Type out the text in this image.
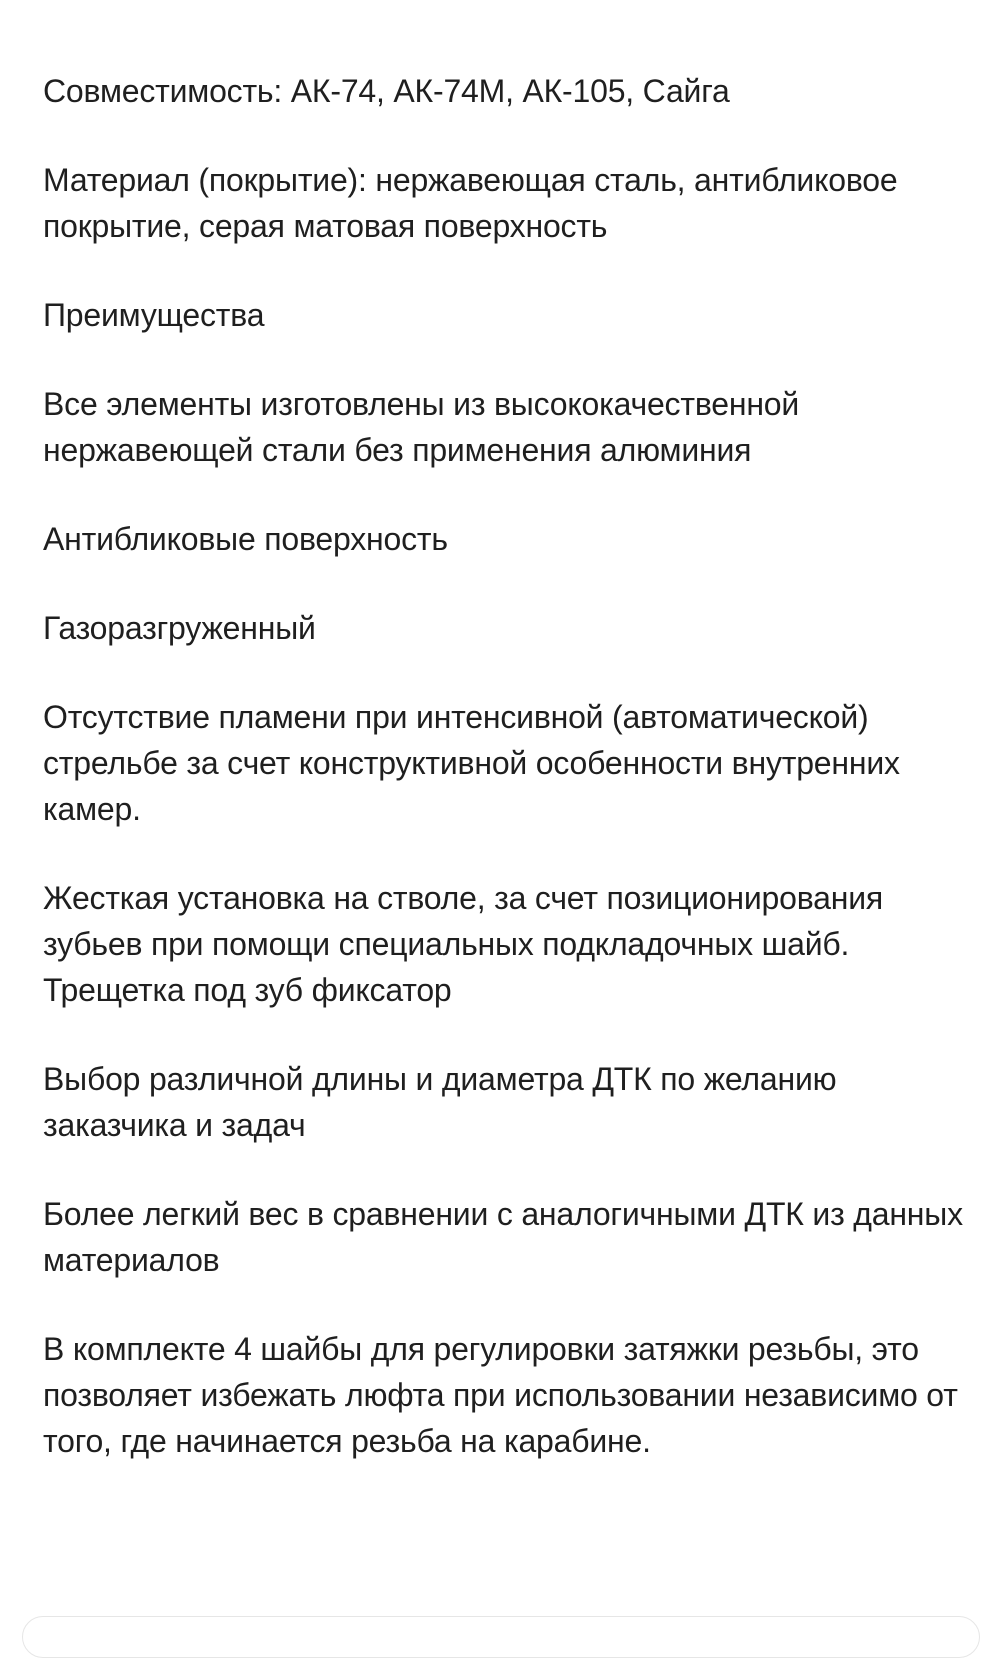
Совместимость: АК-74, АК-74М, АК-105, Сайга

Материал (покрытие): нержавеющая сталь, антибликовое покрытие, серая матовая поверхность

Преимущества

Все элементы изготовлены из высококачественной нержавеющей стали без применения алюминия

Антибликовые поверхность

Газоразгруженный

Отсутствие пламени при интенсивной (автоматической) стрельбе за счет конструктивной особенности внутренних камер.

Жесткая установка на стволе, за счет позиционирования зубьев при помощи специальных подкладочных шайб. Трещетка под зуб фиксатор

Выбор различной длины и диаметра ДТК по желанию заказчика и задач

Более легкий вес в сравнении с аналогичными ДТК из данных материалов

В комплекте 4 шайбы для регулировки затяжки резьбы, это позволяет избежать люфта при использовании независимо от того, где начинается резьба на карабине.
